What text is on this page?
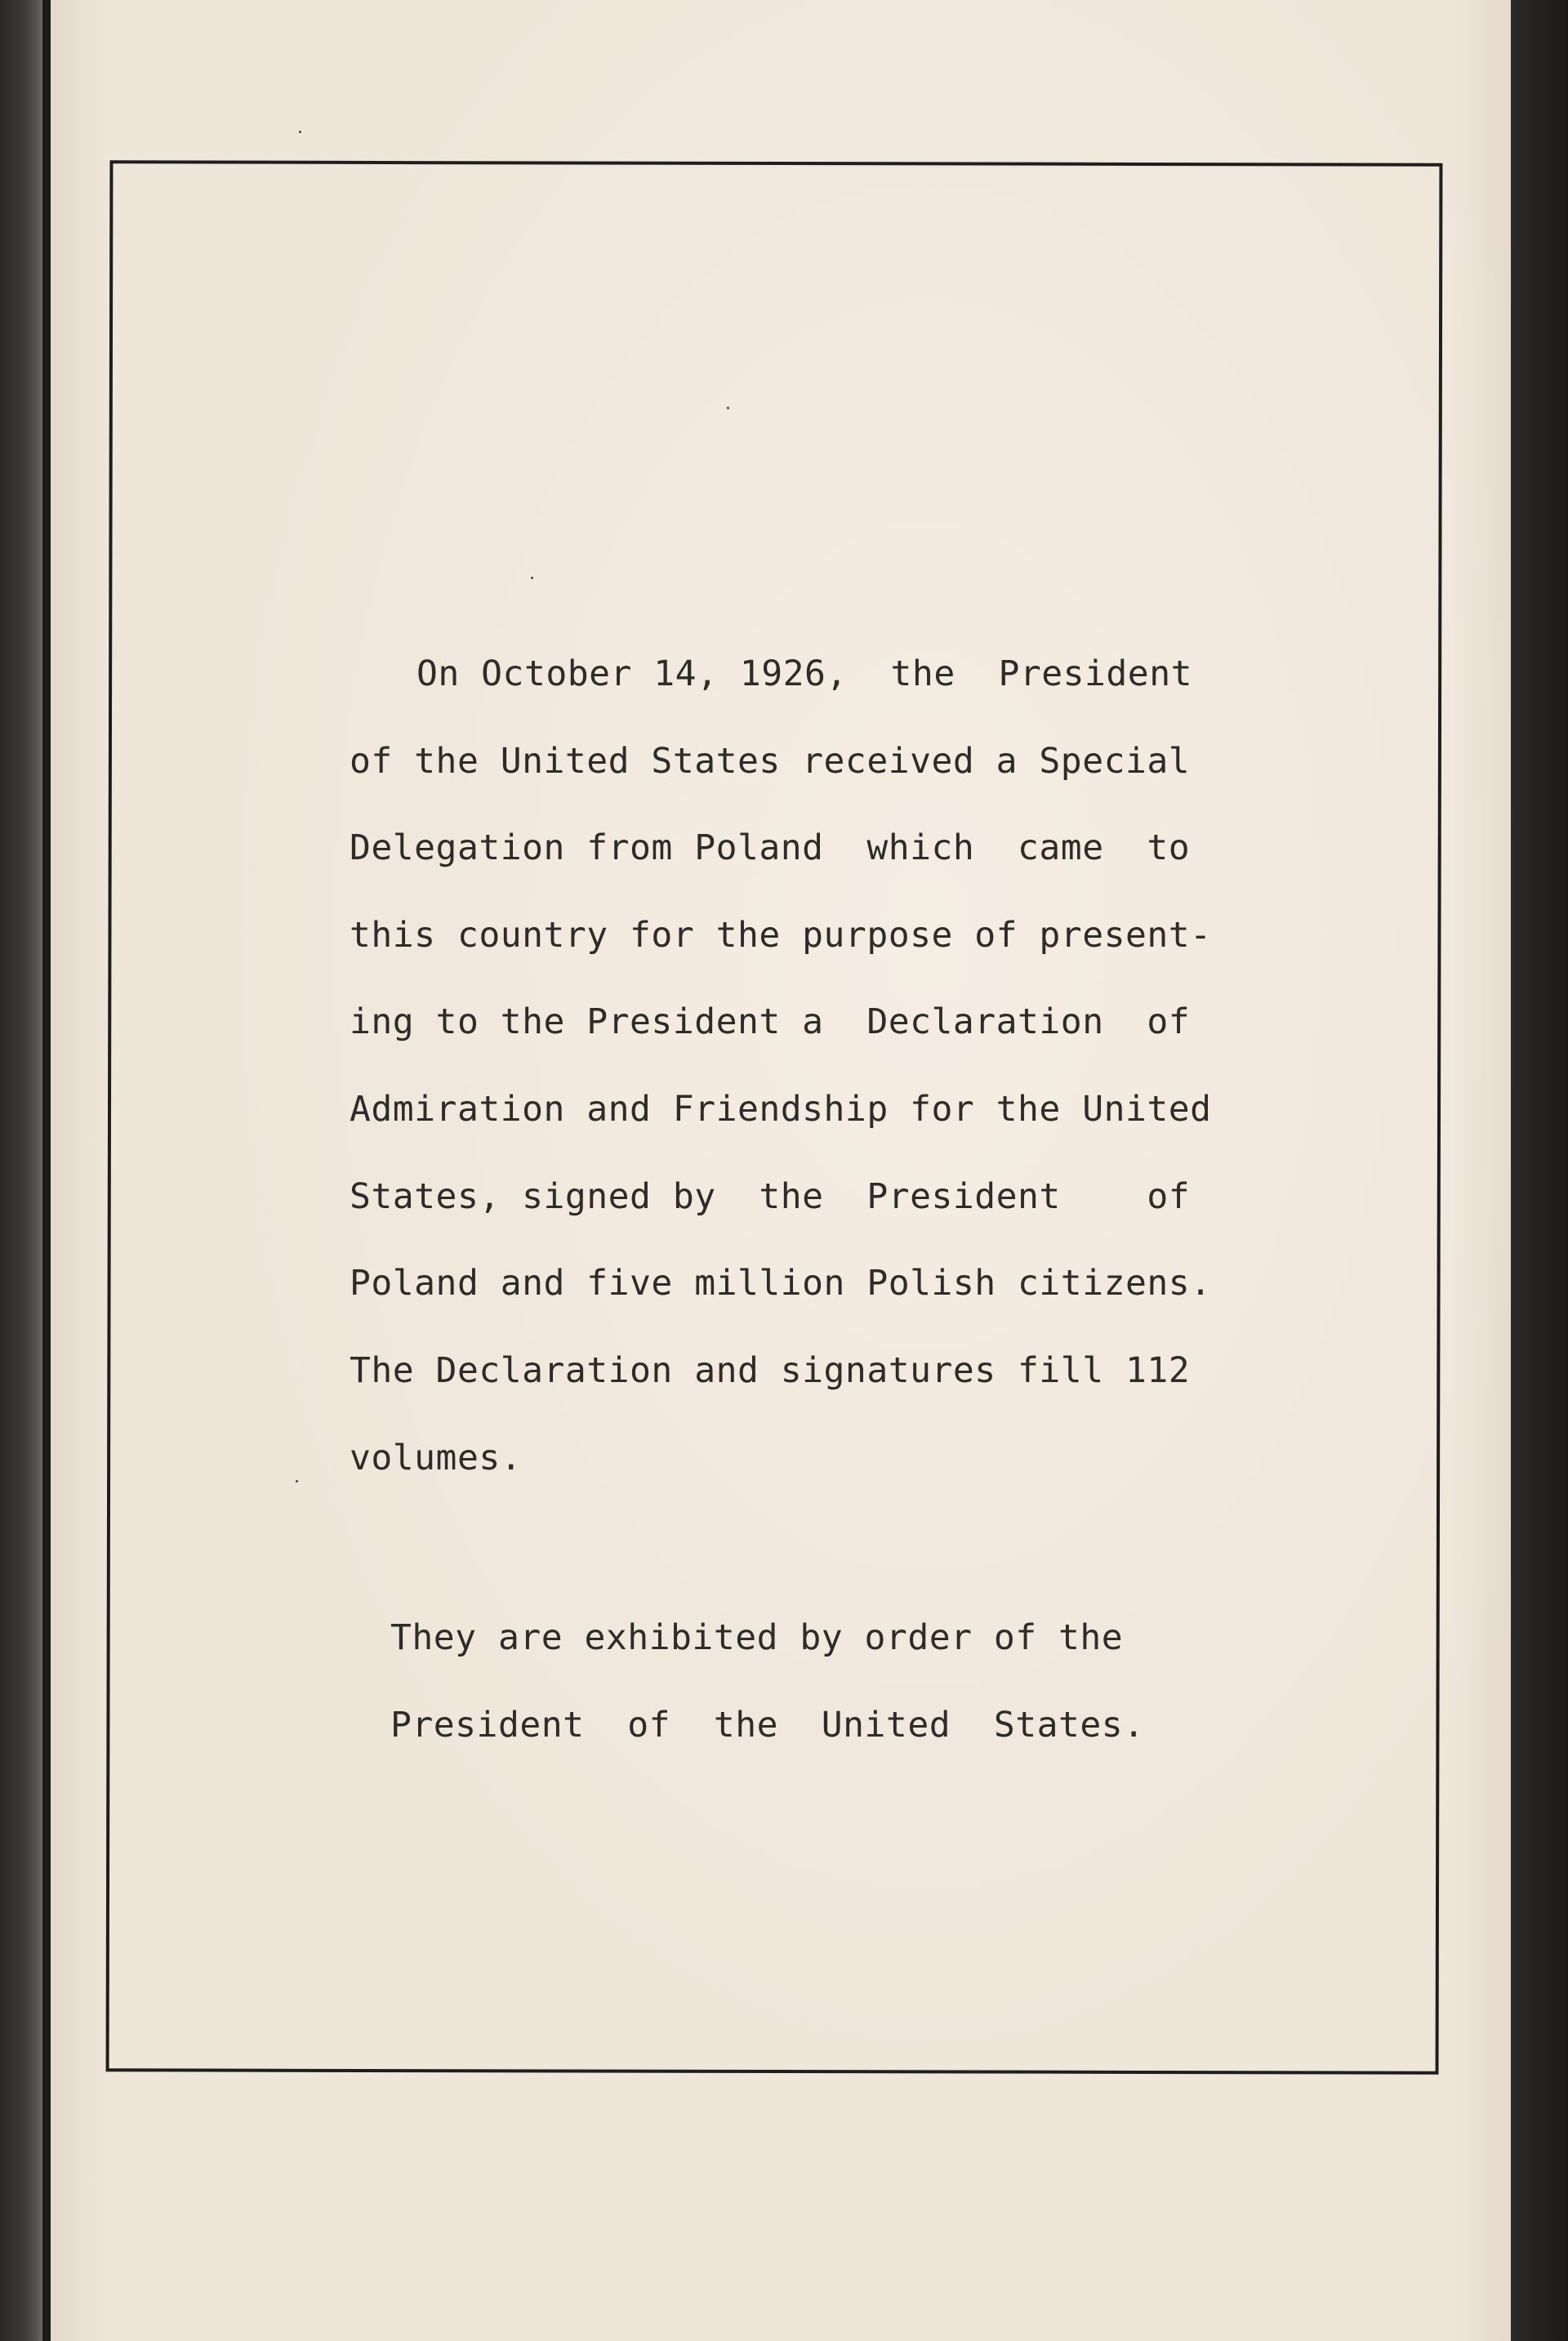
On October 14, 1926,  the  President
of the United States received a Special
Delegation from Poland  which  came  to
this country for the purpose of present-
ing to the President a  Declaration  of
Admiration and Friendship for the United
States, signed by  the  President    of
Poland and five million Polish citizens.
The Declaration and signatures fill 112
volumes.
They are exhibited by order of the
President  of  the  United  States.
